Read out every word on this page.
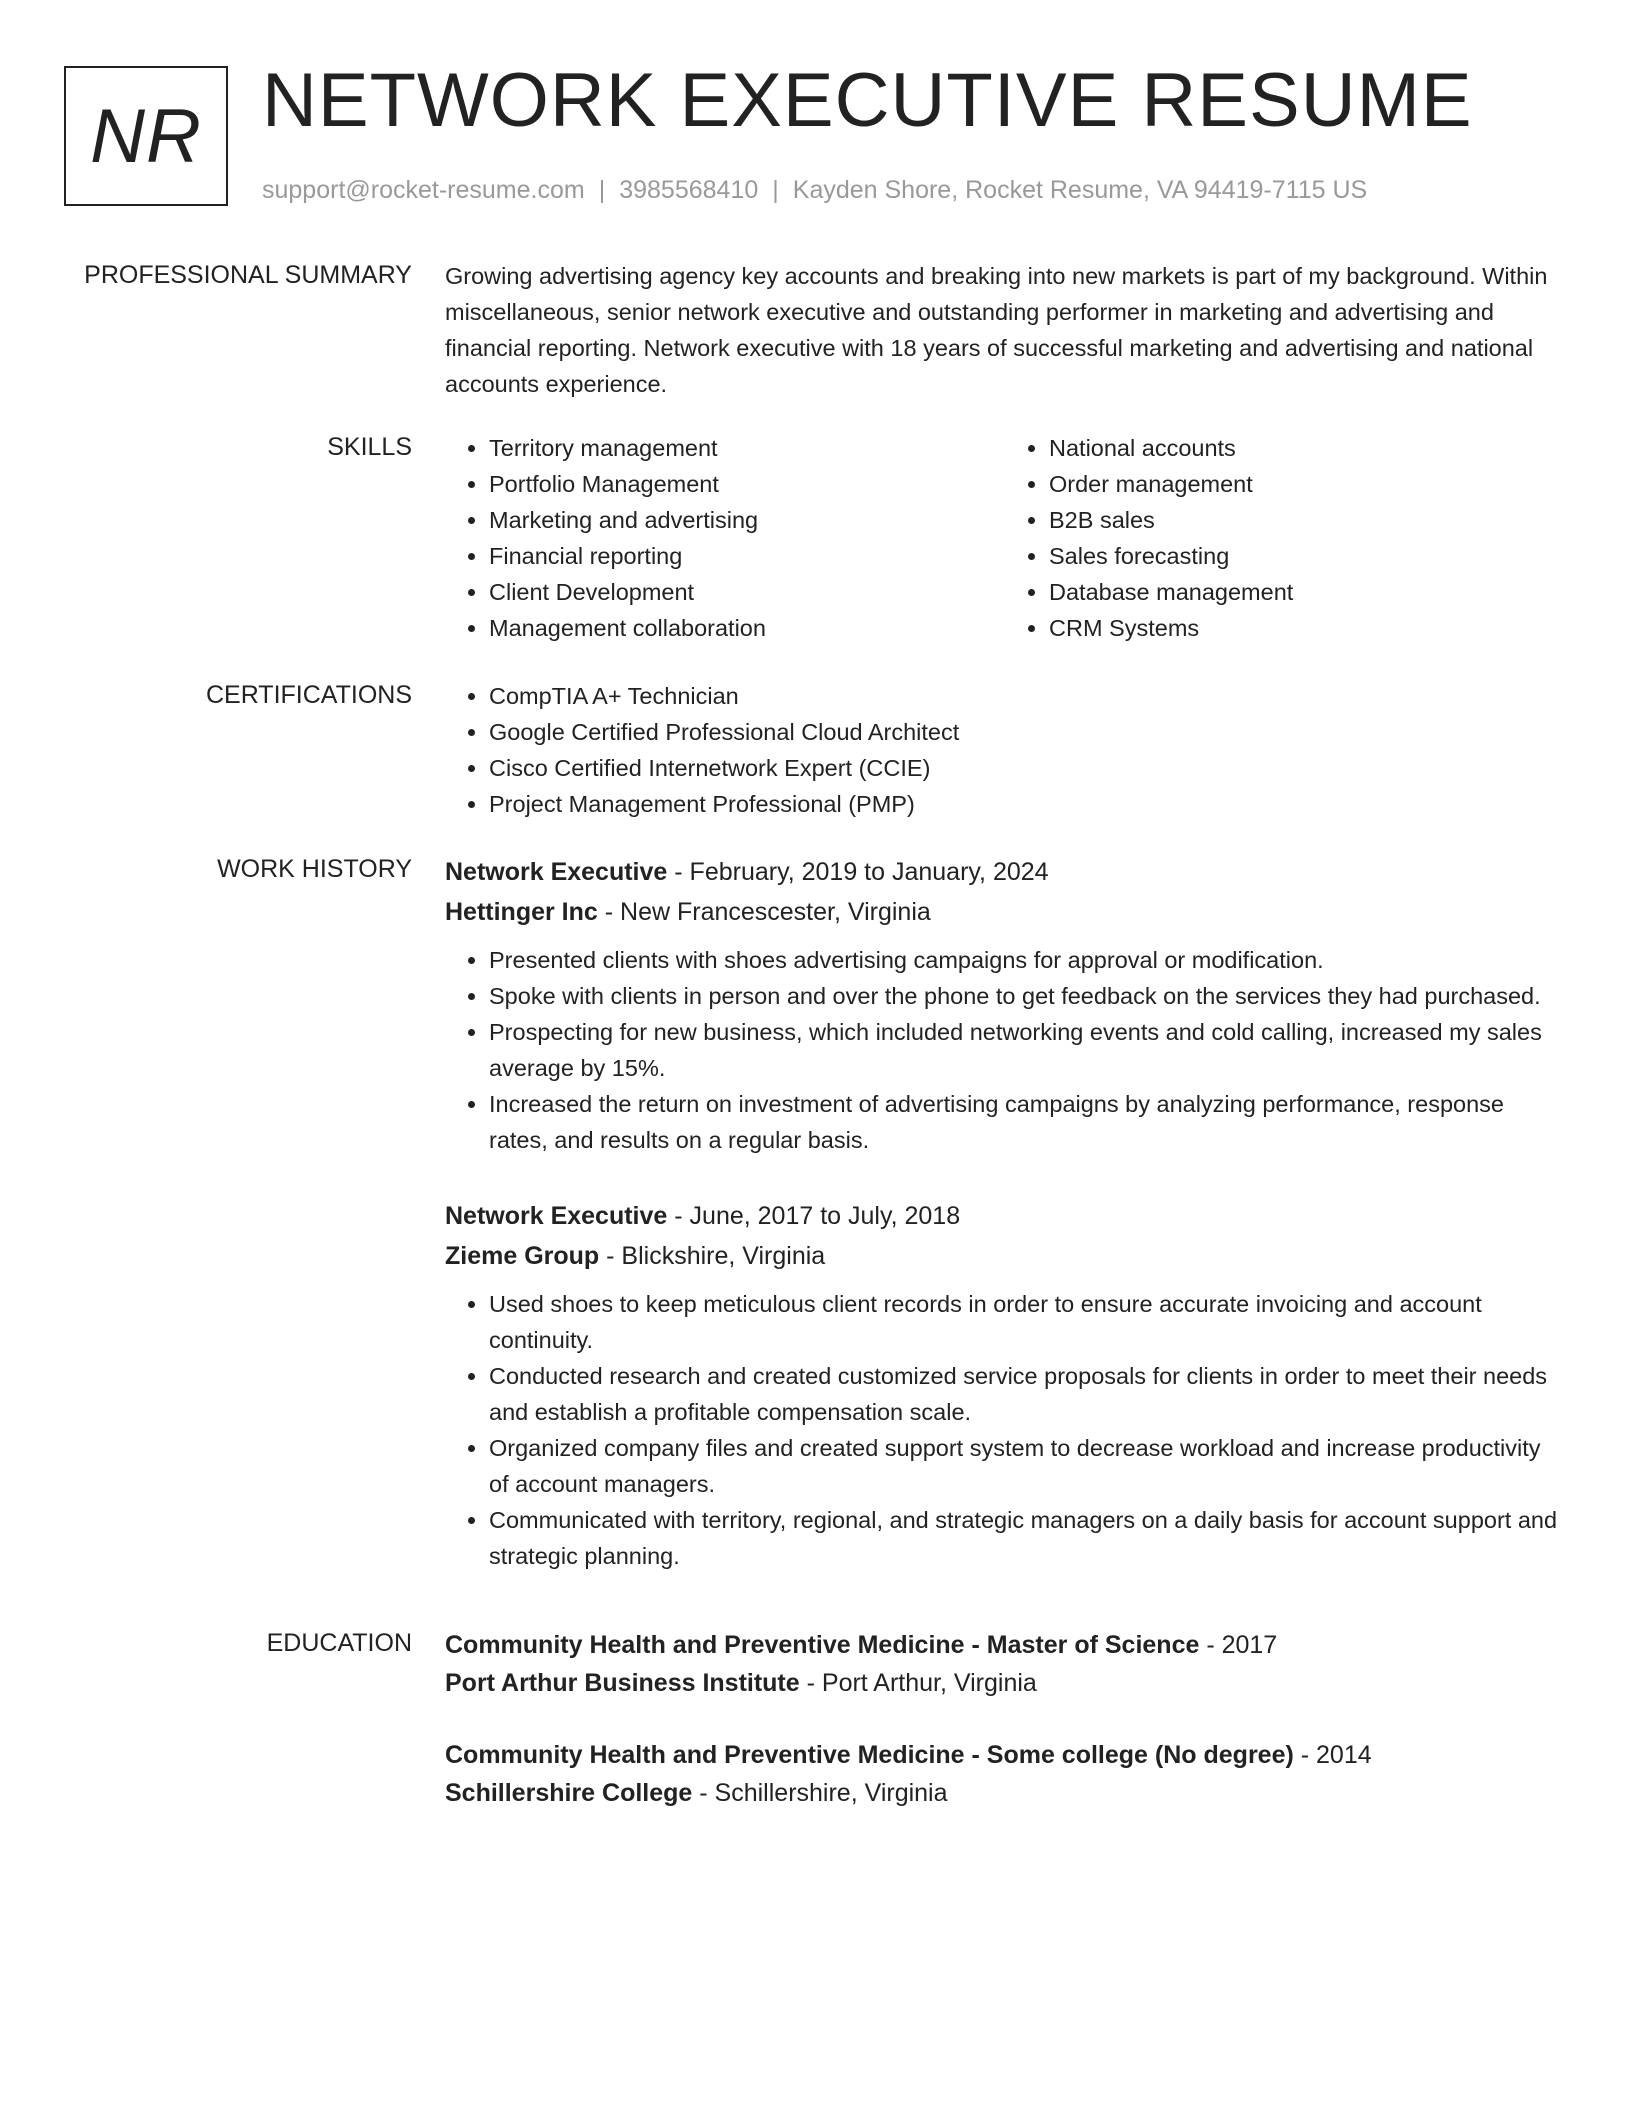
NR NETWORK EXECUTIVE RESUME
support@rocket-resume.com | 3985568410 | Kayden Shore, Rocket Resume, VA 94419-7115 US
PROFESSIONAL SUMMARY Growing advertising agency key accounts and breaking into new markets is part of my background. Within miscellaneous, senior network executive and outstanding performer in marketing and advertising and financial reporting. Network executive with 18 years of successful marketing and advertising and national accounts experience.

SKILLS	• Territory management
• Portfolio Management
• Marketing and advertising
• Financial reporting
• Client Development
• Management collaboration
• National accounts
• Order management
• B2B sales
• Sales forecasting
• Database management
• CRM Systems
CERTIFICATIONS	• CompTIA A+ Technician
• Google Certified Professional Cloud Architect
• Cisco Certified Internetwork Expert (CCIE)
• Project Management Professional (PMP)
WORK HISTORY Network Executive - February, 2019 to January, 2024
Hettinger Inc - New Francescester, Virginia
• Presented clients with shoes advertising campaigns for approval or modification.
• Spoke with clients in person and over the phone to get feedback on the services they had purchased.
• Prospecting for new business, which included networking events and cold calling, increased my sales average by 15%.
• Increased the return on investment of advertising campaigns by analyzing performance, response rates, and results on a regular basis.
Network Executive - June, 2017 to July, 2018
Zieme Group - Blickshire, Virginia
• Used shoes to keep meticulous client records in order to ensure accurate invoicing and account continuity.
• Conducted research and created customized service proposals for clients in order to meet their needs and establish a profitable compensation scale.
• Organized company files and created support system to decrease workload and increase productivity of account managers.
• Communicated with territory, regional, and strategic managers on a daily basis for account support and strategic planning.
EDUCATION Community Health and Preventive Medicine - Master of Science - 2017
Port Arthur Business Institute - Port Arthur, Virginia
Community Health and Preventive Medicine - Some college (No degree) - 2014
Schillershire College - Schillershire, Virginia
